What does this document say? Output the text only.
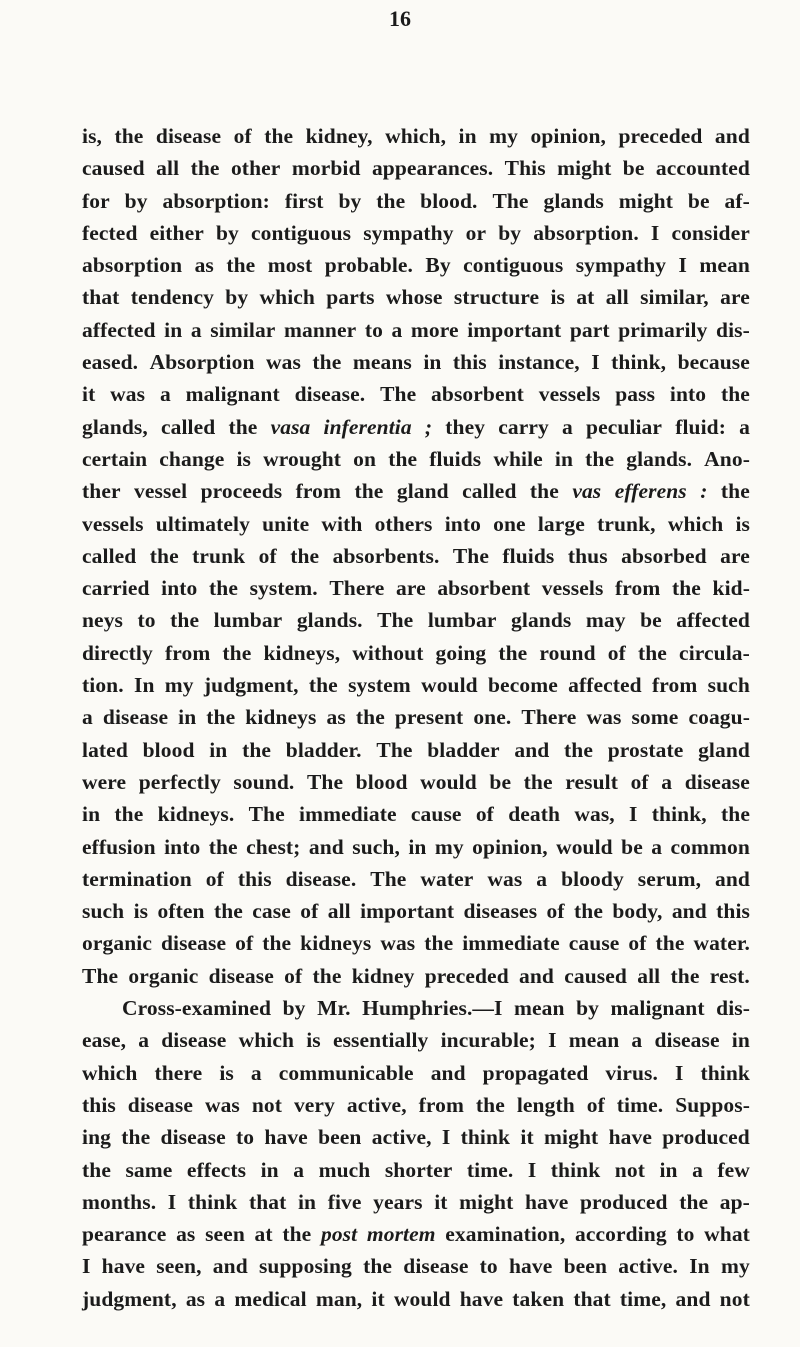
16
is, the disease of the kidney, which, in my opinion, preceded and
caused all the other morbid appearances. This might be accounted
for by absorption: first by the blood. The glands might be af-
fected either by contiguous sympathy or by absorption. I consider
absorption as the most probable. By contiguous sympathy I mean
that tendency by which parts whose structure is at all similar, are
affected in a similar manner to a more important part primarily dis-
eased. Absorption was the means in this instance, I think, because
it was a malignant disease. The absorbent vessels pass into the
glands, called the vasa inferentia ; they carry a peculiar fluid: a
certain change is wrought on the fluids while in the glands. Ano-
ther vessel proceeds from the gland called the vas efferens : the
vessels ultimately unite with others into one large trunk, which is
called the trunk of the absorbents. The fluids thus absorbed are
carried into the system. There are absorbent vessels from the kid-
neys to the lumbar glands. The lumbar glands may be affected
directly from the kidneys, without going the round of the circula-
tion. In my judgment, the system would become affected from such
a disease in the kidneys as the present one. There was some coagu-
lated blood in the bladder. The bladder and the prostate gland
were perfectly sound. The blood would be the result of a disease
in the kidneys. The immediate cause of death was, I think, the
effusion into the chest; and such, in my opinion, would be a common
termination of this disease. The water was a bloody serum, and
such is often the case of all important diseases of the body, and this
organic disease of the kidneys was the immediate cause of the water.
The organic disease of the kidney preceded and caused all the rest.
Cross-examined by Mr. Humphries.—I mean by malignant dis-
ease, a disease which is essentially incurable; I mean a disease in
which there is a communicable and propagated virus. I think
this disease was not very active, from the length of time. Suppos-
ing the disease to have been active, I think it might have produced
the same effects in a much shorter time. I think not in a few
months. I think that in five years it might have produced the ap-
pearance as seen at the post mortem examination, according to what
I have seen, and supposing the disease to have been active. In my
judgment, as a medical man, it would have taken that time, and not
